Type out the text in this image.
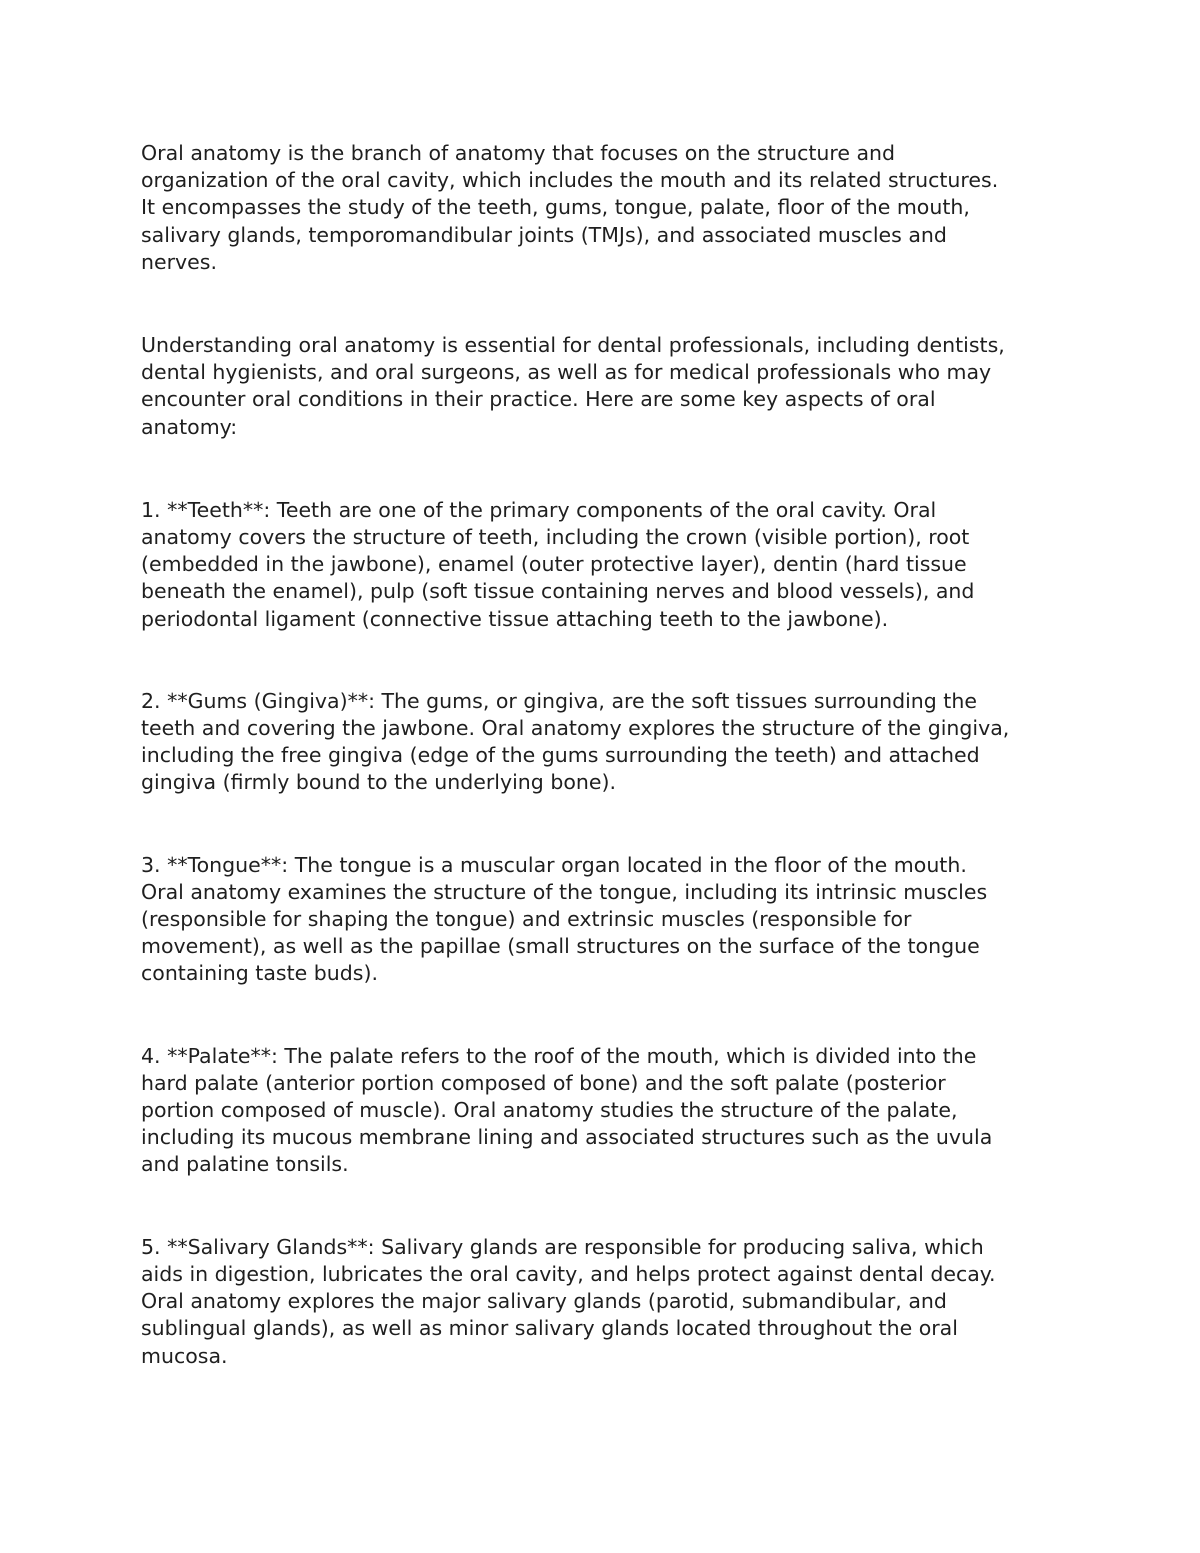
Oral anatomy is the branch of anatomy that focuses on the structure and
organization of the oral cavity, which includes the mouth and its related structures.
It encompasses the study of the teeth, gums, tongue, palate, floor of the mouth,
salivary glands, temporomandibular joints (TMJs), and associated muscles and
nerves.

Understanding oral anatomy is essential for dental professionals, including dentists,
dental hygienists, and oral surgeons, as well as for medical professionals who may
encounter oral conditions in their practice. Here are some key aspects of oral
anatomy:

1. **Teeth**: Teeth are one of the primary components of the oral cavity. Oral
anatomy covers the structure of teeth, including the crown (visible portion), root
(embedded in the jawbone), enamel (outer protective layer), dentin (hard tissue
beneath the enamel), pulp (soft tissue containing nerves and blood vessels), and
periodontal ligament (connective tissue attaching teeth to the jawbone).

2. **Gums (Gingiva)**: The gums, or gingiva, are the soft tissues surrounding the
teeth and covering the jawbone. Oral anatomy explores the structure of the gingiva,
including the free gingiva (edge of the gums surrounding the teeth) and attached
gingiva (firmly bound to the underlying bone).

3. **Tongue**: The tongue is a muscular organ located in the floor of the mouth.
Oral anatomy examines the structure of the tongue, including its intrinsic muscles
(responsible for shaping the tongue) and extrinsic muscles (responsible for
movement), as well as the papillae (small structures on the surface of the tongue
containing taste buds).

4. **Palate**: The palate refers to the roof of the mouth, which is divided into the
hard palate (anterior portion composed of bone) and the soft palate (posterior
portion composed of muscle). Oral anatomy studies the structure of the palate,
including its mucous membrane lining and associated structures such as the uvula
and palatine tonsils.

5. **Salivary Glands**: Salivary glands are responsible for producing saliva, which
aids in digestion, lubricates the oral cavity, and helps protect against dental decay.
Oral anatomy explores the major salivary glands (parotid, submandibular, and
sublingual glands), as well as minor salivary glands located throughout the oral
mucosa.
